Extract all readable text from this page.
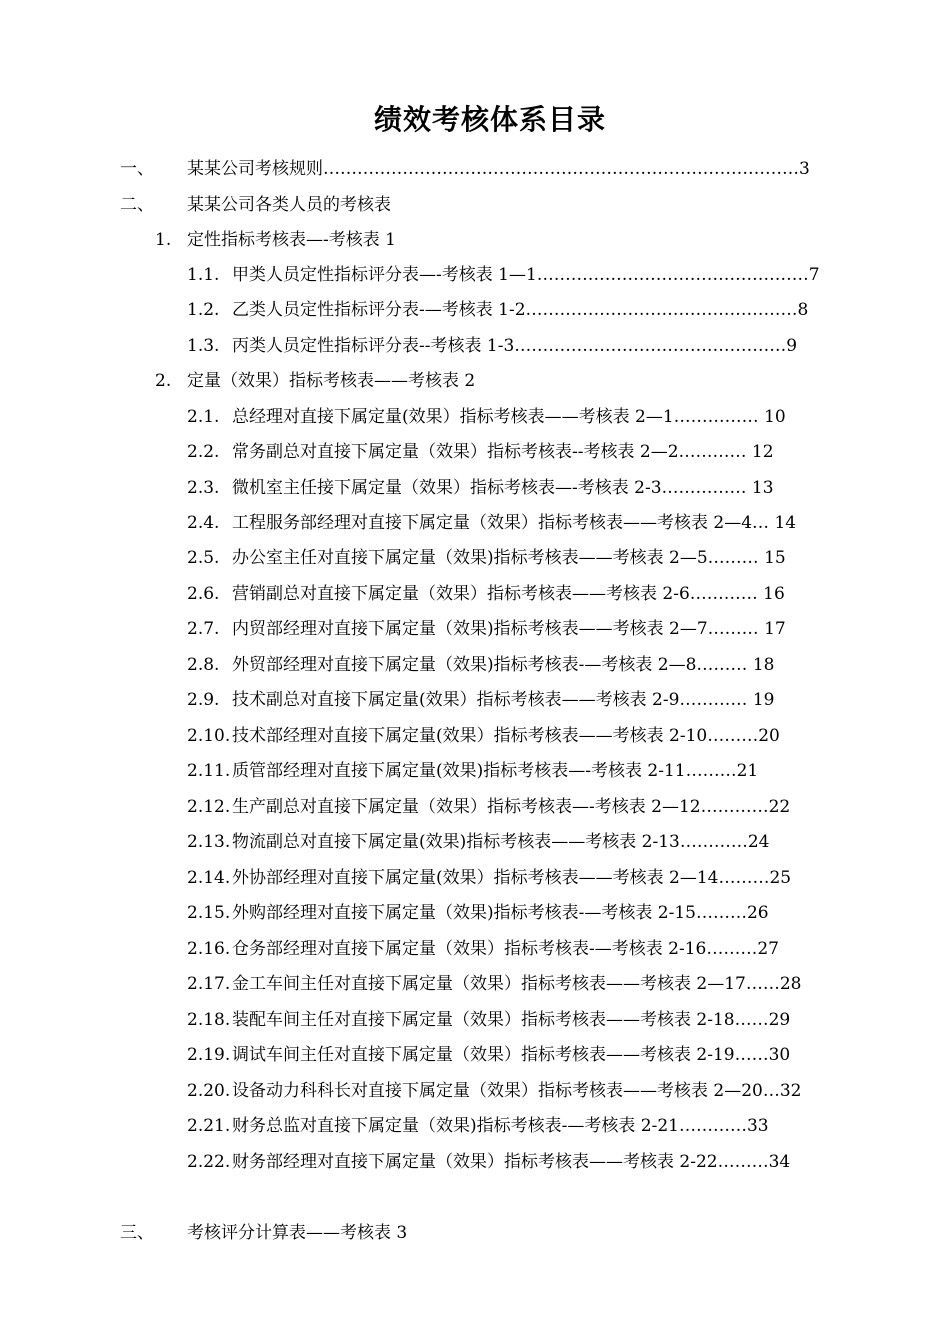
绩效考核体系目录
一、 某某公司考核规则…………………………………………………………………………3
二、 某某公司各类人员的考核表
1. 定性指标考核表—-考核表 1
1.1. 甲类人员定性指标评分表—-考核表 1—1…………………………………………7
1.2. 乙类人员定性指标评分表-—考核表 1-2…………………………………………8
1.3. 丙类人员定性指标评分表--考核表 1-3…………………………………………9
2. 定量（效果）指标考核表——考核表 2
2.1. 总经理对直接下属定量(效果）指标考核表——考核表 2—1…………… 10
2.2. 常务副总对直接下属定量（效果）指标考核表--考核表 2—2………… 12
2.3. 微机室主任接下属定量（效果）指标考核表—-考核表 2-3…………… 13
2.4. 工程服务部经理对直接下属定量（效果）指标考核表——考核表 2—4… 14
2.5. 办公室主任对直接下属定量（效果)指标考核表——考核表 2—5……… 15
2.6. 营销副总对直接下属定量（效果）指标考核表——考核表 2-6………… 16
2.7. 内贸部经理对直接下属定量（效果)指标考核表——考核表 2—7……… 17
2.8. 外贸部经理对直接下属定量（效果)指标考核表-—考核表 2—8……… 18
2.9. 技术副总对直接下属定量(效果）指标考核表——考核表 2-9………… 19
2.10. 技术部经理对直接下属定量(效果）指标考核表——考核表 2-10………20
2.11. 质管部经理对直接下属定量(效果)指标考核表—-考核表 2-11………21
2.12. 生产副总对直接下属定量（效果）指标考核表—-考核表 2—12…………22
2.13. 物流副总对直接下属定量(效果)指标考核表——考核表 2-13…………24
2.14. 外协部经理对直接下属定量(效果）指标考核表——考核表 2—14………25
2.15. 外购部经理对直接下属定量（效果)指标考核表-—考核表 2-15………26
2.16. 仓务部经理对直接下属定量（效果）指标考核表-—考核表 2-16………27
2.17. 金工车间主任对直接下属定量（效果）指标考核表——考核表 2—17……28
2.18. 装配车间主任对直接下属定量（效果）指标考核表——考核表 2-18……29
2.19. 调试车间主任对直接下属定量（效果）指标考核表——考核表 2-19……30
2.20. 设备动力科科长对直接下属定量（效果）指标考核表——考核表 2—20…32
2.21. 财务总监对直接下属定量（效果)指标考核表-—考核表 2-21…………33
2.22. 财务部经理对直接下属定量（效果）指标考核表——考核表 2-22………34
三、 考核评分计算表——考核表 3
